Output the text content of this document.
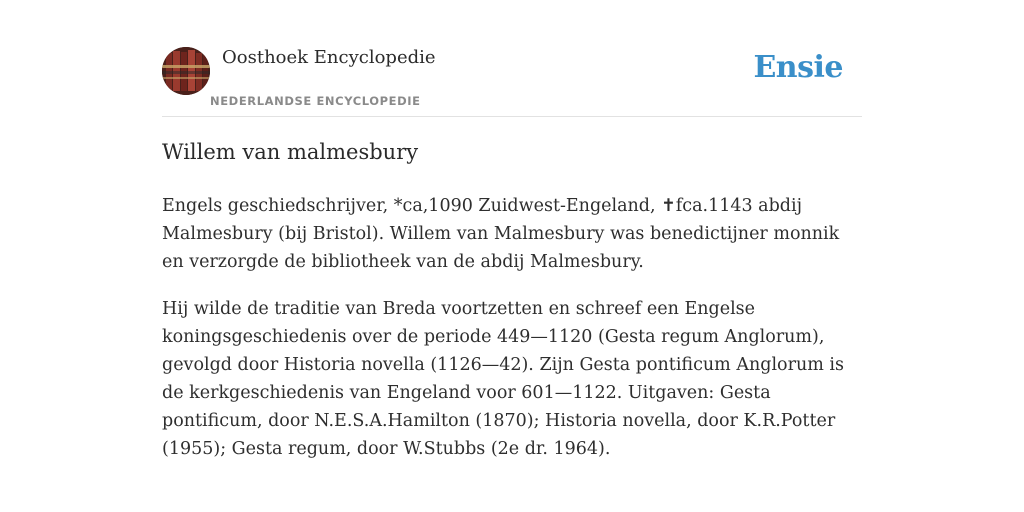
Oosthoek Encyclopedie
NEDERLANDSE ENCYCLOPEDIE
Ensie
Willem van malmesbury

Engels geschiedschrijver, *ca,1090 Zuidwest-Engeland, ✝fca.1143 abdij Malmesbury (bij Bristol). Willem van Malmesbury was benedictijner monnik en verzorgde de bibliotheek van de abdij Malmesbury.

Hij wilde de traditie van Breda voortzetten en schreef een Engelse koningsgeschiedenis over de periode 449—1120 (Gesta regum Anglorum), gevolgd door Historia novella (1126—42). Zijn Gesta pontificum Anglorum is de kerkgeschiedenis van Engeland voor 601—1122. Uitgaven: Gesta pontificum, door N.E.S.A.Hamilton (1870); Historia novella, door K.R.Potter (1955); Gesta regum, door W.Stubbs (2e dr. 1964).
